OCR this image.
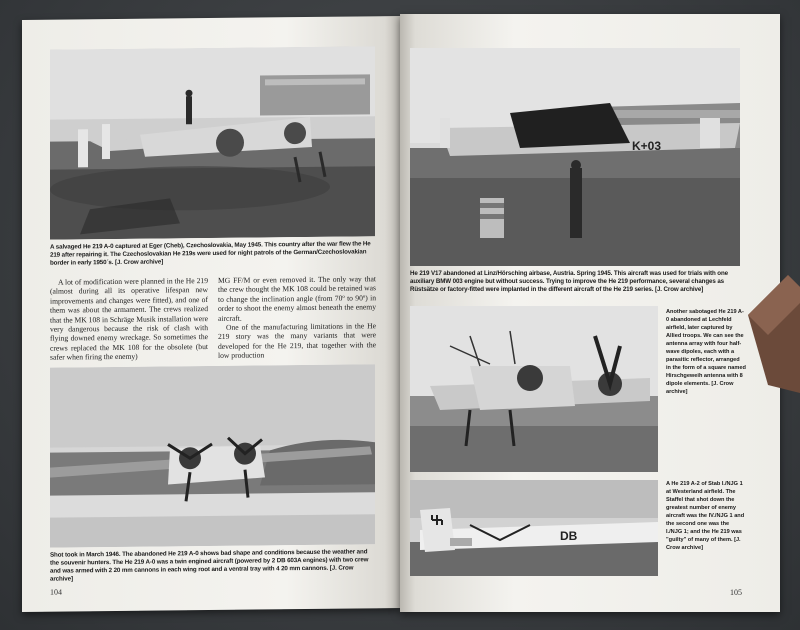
A salvaged He 219 A-0 captured at Eger (Cheb), Czechoslovakia, May 1945. This country after the war flew the He 219 after repairing it. The Czechoslovakian He 219s were used for night patrols of the German/Czechoslovakian border in early 1950´s. [J. Crow archive]

A lot of modification were planned in the He 219 (almost during all its operative lifespan new improvements and changes were fitted), and one of them was about the armament. The crews realized that the MK 108 in Schräge Musik installation were very dangerous because the risk of clash with flying downed enemy wreckage. So sometimes the crews replaced the MK 108 for the obsolete (but safer when firing the enemy)

MG FF/M or even removed it. The only way that the crew thought the MK 108 could be retained was to change the inclination angle (from 70º to 90º) in order to shoot the enemy almost beneath the enemy aircraft.

One of the manufacturing limitations in the He 219 story was the many variants that were developed for the He 219, that together with the low production

Shot took in March 1946. The abandoned He 219 A-0 shows bad shape and conditions because the weather and the souvenir hunters. The He 219 A-0 was a twin engined aircraft (powered by 2 DB 603A engines) with two crew and was armed with 2 20 mm cannons in each wing root and a ventral tray with 4 20 mm cannons. [J. Crow archive]
104
K+03
He 219 V17 abandoned at Linz/Hörsching airbase, Austria. Spring 1945. This aircraft was used for trials with one auxiliary BMW 003 engine but without success. Trying to improve the He 219 performance, several changes as Rüstsätze or factory-fitted were implanted in the different aircraft of the He 219 series. [J. Crow archive]
Another sabotaged He 219 A-0 abandoned at Lechfeld airfield, later captured by Allied troops. We can see the antenna array with four half-wave dipoles, each with a parasitic reflector, arranged in the form of a square named Hirschgeweih antenna with 8 dipole elements. [J. Crow archive]
DB
A He 219 A-2 of Stab I./NJG 1 at Westerland airfield. The Staffel that shot down the greatest number of enemy aircraft was the IV./NJG 1 and the second one was the I./NJG 1; and the He 219 was "guilty" of many of them. [J. Crow archive]
105
